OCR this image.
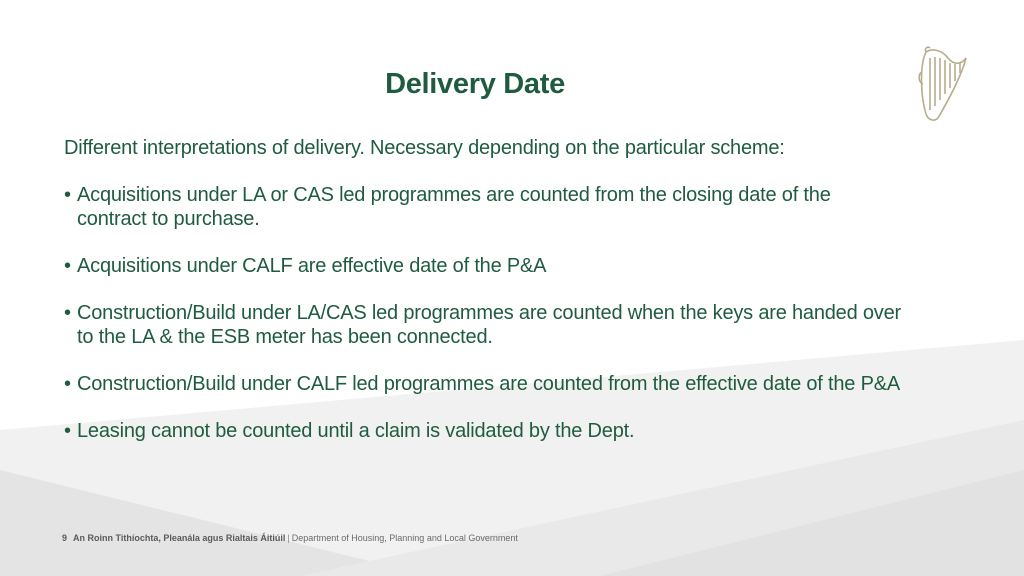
Delivery Date
Different interpretations of delivery. Necessary depending on the particular scheme:
• Acquisitions under LA or CAS led programmes are counted from the closing date of the contract to purchase.
• Acquisitions under CALF are effective date of the P&A
• Construction/Build under LA/CAS led programmes are counted when the keys are handed over to the LA & the ESB meter has been connected.
• Construction/Build under CALF led programmes are counted from the effective date of the P&A
• Leasing cannot be counted until a claim is validated by the Dept.
9 An Roinn Tithíochta, Pleanála agus Rialtais Áitiúil | Department of Housing, Planning and Local Government
